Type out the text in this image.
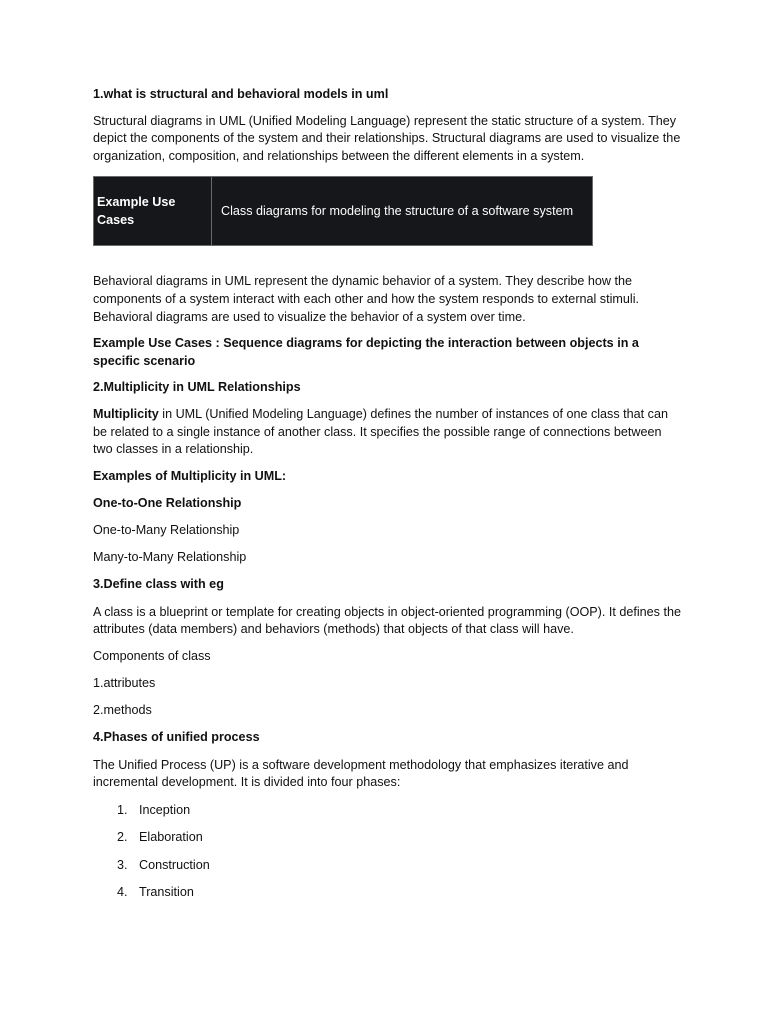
1.what is structural and behavioral models in uml

Structural diagrams in UML (Unified Modeling Language) represent the static structure of a system. They depict the components of the system and their relationships. Structural diagrams are used to visualize the organization, composition, and relationships between the different elements in a system.

Example Use Cases	Class diagrams for modeling the structure of a software system

Behavioral diagrams in UML represent the dynamic behavior of a system. They describe how the components of a system interact with each other and how the system responds to external stimuli. Behavioral diagrams are used to visualize the behavior of a system over time.

Example Use Cases : Sequence diagrams for depicting the interaction between objects in a specific scenario

2.Multiplicity in UML Relationships

Multiplicity in UML (Unified Modeling Language) defines the number of instances of one class that can be related to a single instance of another class. It specifies the possible range of connections between two classes in a relationship.

Examples of Multiplicity in UML:

One-to-One Relationship

One-to-Many Relationship

Many-to-Many Relationship

3.Define class with eg

A class is a blueprint or template for creating objects in object-oriented programming (OOP). It defines the attributes (data members) and behaviors (methods) that objects of that class will have.

Components of class

1.attributes

2.methods

4.Phases of unified process

The Unified Process (UP) is a software development methodology that emphasizes iterative and incremental development. It is divided into four phases:

1. Inception
2. Elaboration
3. Construction
4. Transition
